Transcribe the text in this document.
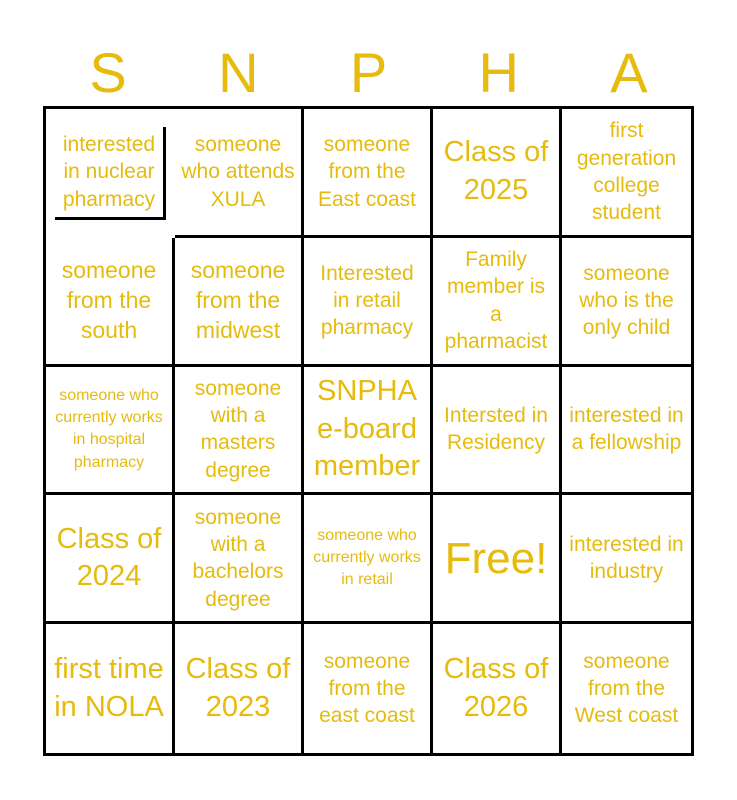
S	N	P	H	A
interested in nuclear pharmacy
someone who attends XULA
someone from the East coast
Class of 2025
first generation college student
someone from the south
someone from the midwest
Interested in retail pharmacy
Family member is a pharmacist
someone who is the only child
someone who currently works in hospital pharmacy
someone with a masters degree
SNPHA e-board member
Intersted in Residency
interested in a fellowship
Class of 2024
someone with a bachelors degree
someone who currently works in retail	Free!	interested in industry
first time in NOLA
Class of 2023
someone from the east coast
Class of 2026
someone from the West coast
